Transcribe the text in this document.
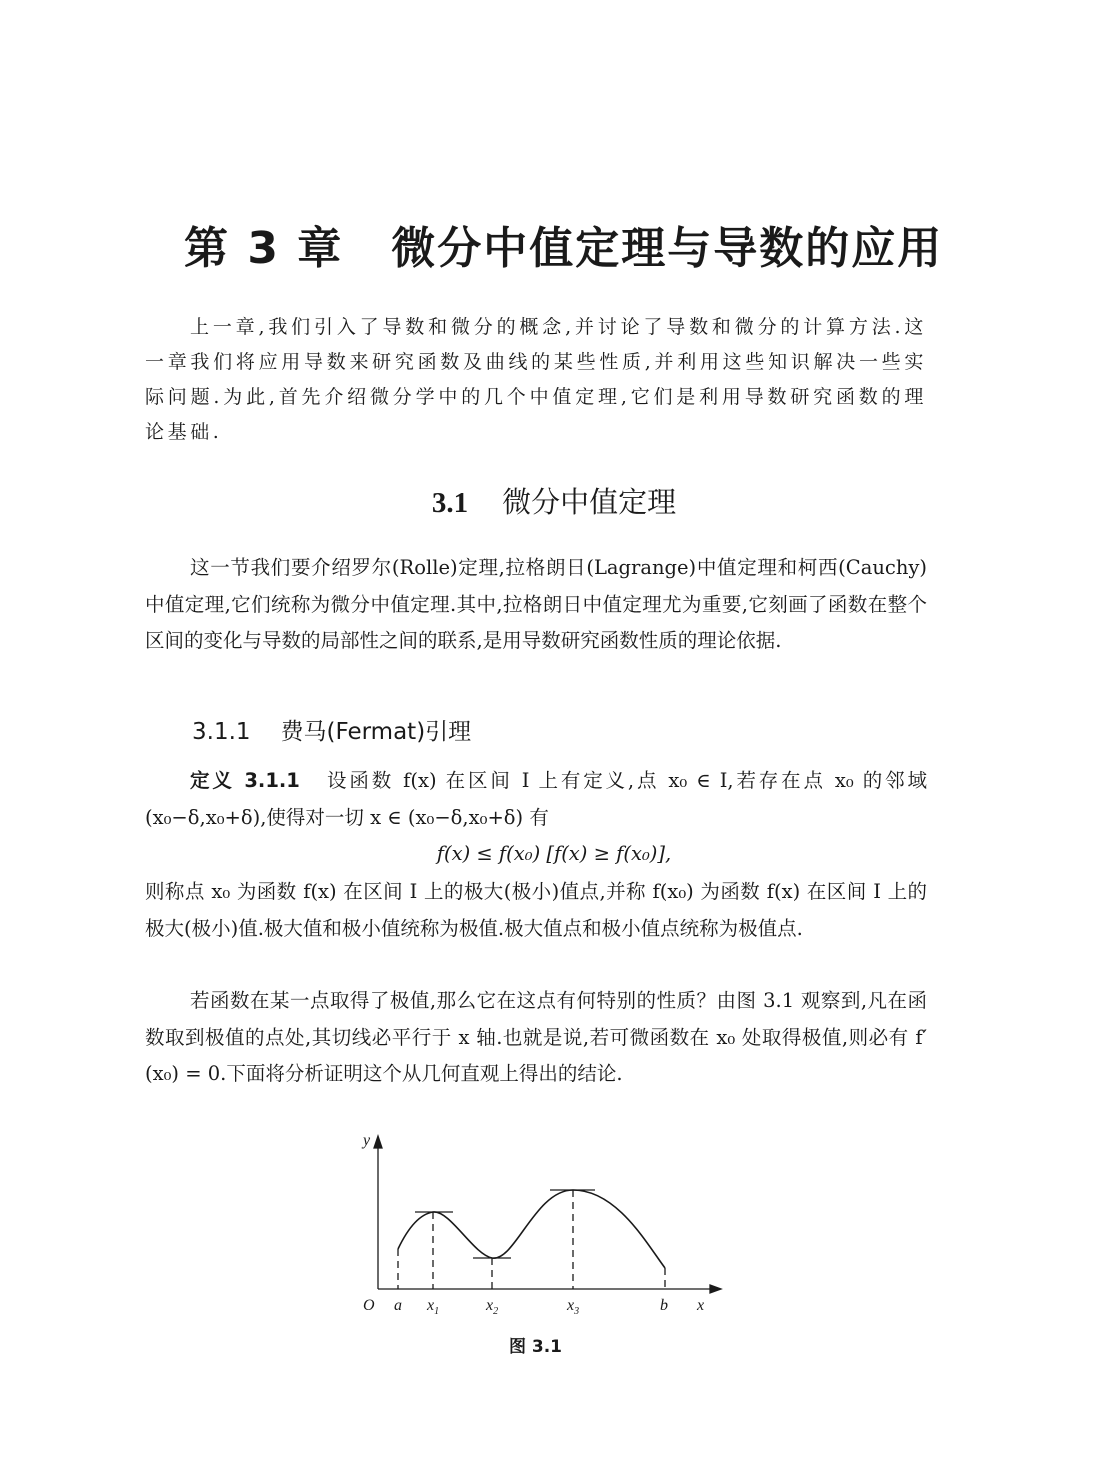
第 3 章 微分中值定理与导数的应用

上一章,我们引入了导数和微分的概念,并讨论了导数和微分的计算方法.这一章我们将应用导数来研究函数及曲线的某些性质,并利用这些知识解决一些实际问题.为此,首先介绍微分学中的几个中值定理,它们是利用导数研究函数的理论基础.

3.1 微分中值定理

这一节我们要介绍罗尔(Rolle)定理,拉格朗日(Lagrange)中值定理和柯西(Cauchy)中值定理,它们统称为微分中值定理.其中,拉格朗日中值定理尤为重要,它刻画了函数在整个区间的变化与导数的局部性之间的联系,是用导数研究函数性质的理论依据.

3.1.1 费马(Fermat)引理

定义 3.1.1 设函数 f(x) 在区间 I 上有定义,点 x₀ ∈ I,若存在点 x₀ 的邻域(x₀−δ,x₀+δ),使得对一切 x ∈ (x₀−δ,x₀+δ) 有

f(x) ≤ f(x₀) [f(x) ≥ f(x₀)],

则称点 x₀ 为函数 f(x) 在区间 I 上的极大(极小)值点,并称 f(x₀) 为函数 f(x) 在区间 I 上的极大(极小)值.极大值和极小值统称为极值.极大值点和极小值点统称为极值点.

若函数在某一点取得了极值,那么它在这点有何特别的性质？由图 3.1 观察到,凡在函数取到极值的点处,其切线必平行于 x 轴.也就是说,若可微函数在 x₀ 处取得极值,则必有 f′(x₀) = 0.下面将分析证明这个从几何直观上得出的结论.

y
x
O a $x_1$	$x_2$	$x_3$	b
图 3.1
